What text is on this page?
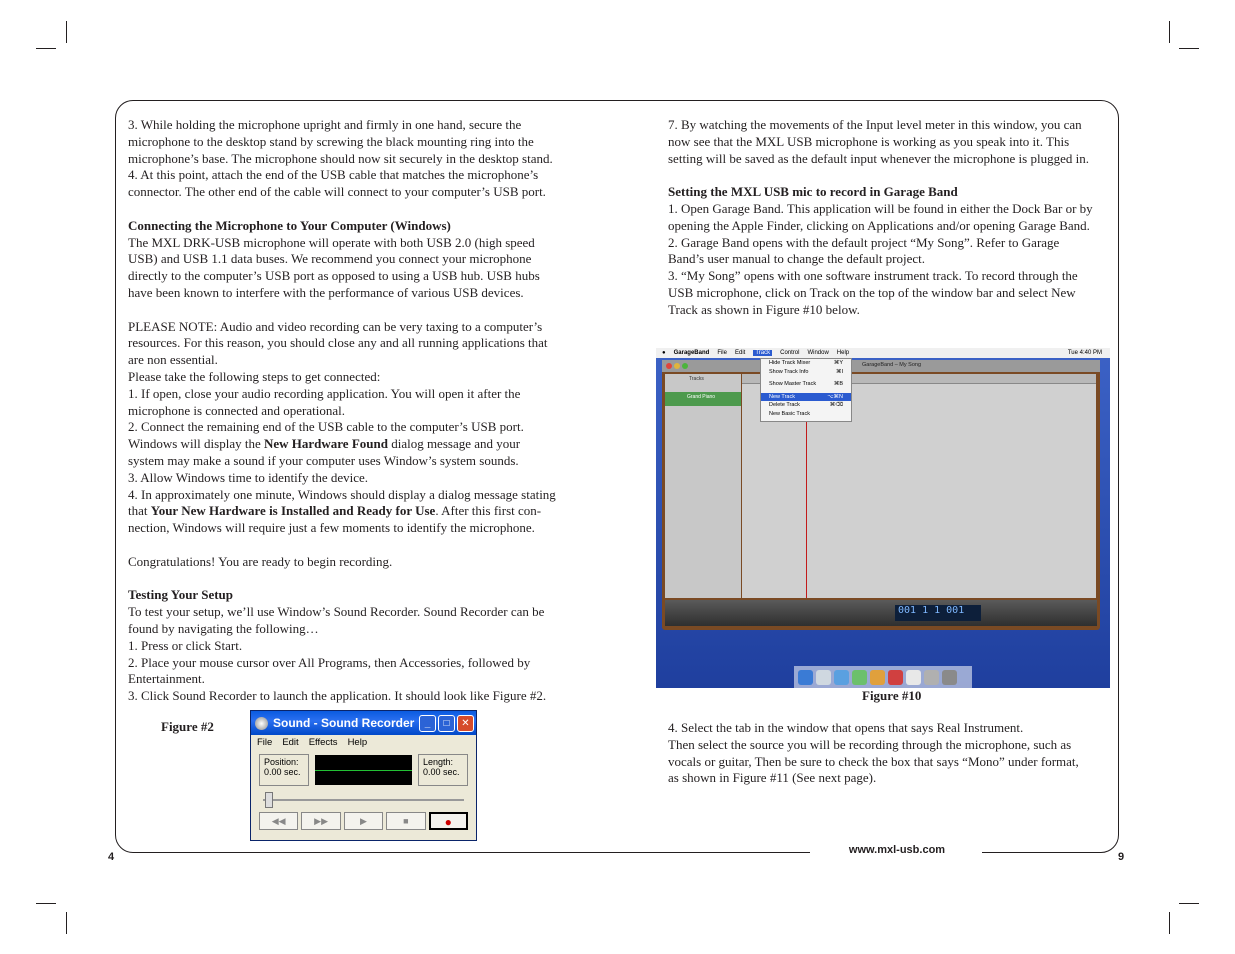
3. While holding the microphone upright and firmly in one hand, secure the

microphone to the desktop stand by screwing the black mounting ring into the

microphone’s base. The microphone should now sit securely in the desktop stand.

4. At this point, attach the end of the USB cable that matches the microphone’s

connector. The other end of the cable will connect to your computer’s USB port.

Connecting the Microphone to Your Computer (Windows)

The MXL DRK-USB microphone will operate with both USB 2.0 (high speed

USB) and USB 1.1 data buses. We recommend you connect your microphone

directly to the computer’s USB port as opposed to using a USB hub. USB hubs

have been known to interfere with the performance of various USB devices.

PLEASE NOTE: Audio and video recording can be very taxing to a computer’s

resources. For this reason, you should close any and all running applications that

are non essential.

Please take the following steps to get connected:

1. If open, close your audio recording application. You will open it after the

microphone is connected and operational.

2. Connect the remaining end of the USB cable to the computer’s USB port.

Windows will display the New Hardware Found dialog message and your

system may make a sound if your computer uses Window’s system sounds.

3. Allow Windows time to identify the device.

4. In approximately one minute, Windows should display a dialog message stating

that Your New Hardware is Installed and Ready for Use. After this first con-

nection, Windows will require just a few moments to identify the microphone.

Congratulations! You are ready to begin recording.

Testing Your Setup

To test your setup, we’ll use Window’s Sound Recorder. Sound Recorder can be

found by navigating the following…

1. Press or click Start.

2. Place your mouse cursor over All Programs, then Accessories, followed by

Entertainment.

3. Click Sound Recorder to launch the application. It should look like Figure #2.

Figure #2	Sound - Sound Recorder	_	□	✕
File Edit Effects Help
Position:
0.00 sec.
Length:
0.00 sec.
◀◀	▶▶	▶	■	●
4

7. By watching the movements of the Input level meter in this window, you can

now see that the MXL USB microphone is working as you speak into it. This

setting will be saved as the default input whenever the microphone is plugged in.

Setting the MXL USB mic to record in Garage Band

1. Open Garage Band. This application will be found in either the Dock Bar or by

opening the Apple Finder, clicking on Applications and/or opening Garage Band.

2. Garage Band opens with the default project “My Song”. Refer to Garage

Band’s user manual to change the default project.

3. “My Song” opens with one software instrument track. To record through the

USB microphone, click on Track on the top of the window bar and select New

Track as shown in Figure #10 below.

● GarageBand File Edit	Track	Control Window Help	Tue 4:40 PM
GarageBand – My Song
Tracks
Grand Piano
001 1 1 001
Hide Track Mixer	⌘Y
Show Track Info	⌘I
Show Master Track	⌘B
New Track	⌥⌘N
Delete Track	⌘⌫
New Basic Track
Figure #10

4. Select the tab in the window that opens that says Real Instrument.

Then select the source you will be recording through the microphone, such as

vocals or guitar, Then be sure to check the box that says “Mono” under format,

as shown in Figure #11 (See next page).

www.mxl-usb.com
9
